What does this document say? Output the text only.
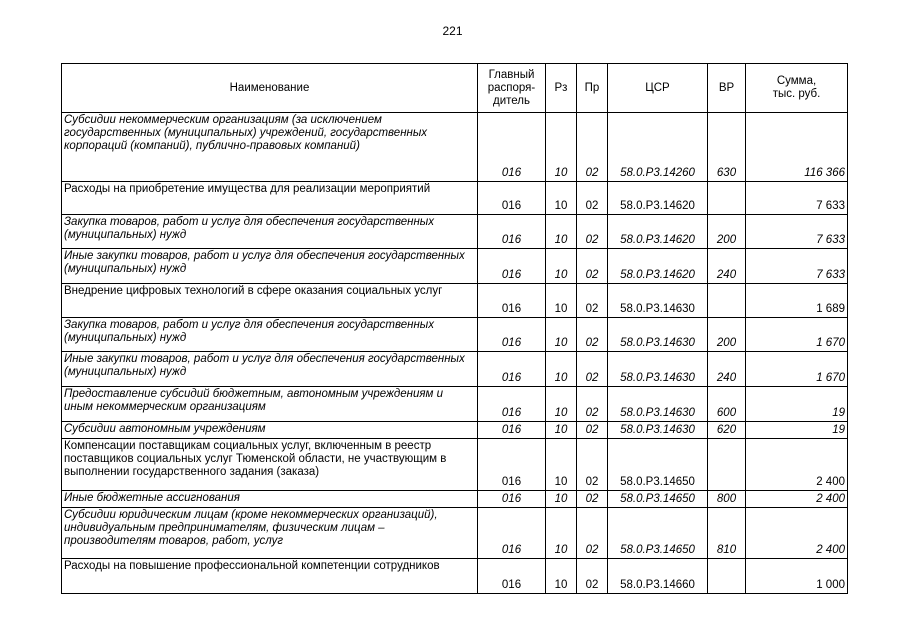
221
Наименование	Главный
распоря-
дитель	Рз	Пр	ЦСР	ВР	Сумма,
тыс. руб.
Субсидии некоммерческим организациям (за исключением государственных (муниципальных) учреждений, государственных корпораций (компаний), публично-правовых компаний)	016	10	02	58.0.Р3.14260	630	116 366
Расходы на приобретение имущества для реализации мероприятий	016	10	02	58.0.Р3.14620		7 633
Закупка товаров, работ и услуг для обеспечения государственных (муниципальных) нужд	016	10	02	58.0.Р3.14620	200	7 633
Иные закупки товаров, работ и услуг для обеспечения государственных (муниципальных) нужд	016	10	02	58.0.Р3.14620	240	7 633
Внедрение цифровых технологий в сфере оказания социальных услуг	016	10	02	58.0.Р3.14630		1 689
Закупка товаров, работ и услуг для обеспечения государственных (муниципальных) нужд	016	10	02	58.0.Р3.14630	200	1 670
Иные закупки товаров, работ и услуг для обеспечения государственных (муниципальных) нужд	016	10	02	58.0.Р3.14630	240	1 670
Предоставление субсидий бюджетным, автономным учреждениям и иным некоммерческим организациям	016	10	02	58.0.Р3.14630	600	19
Субсидии автономным учреждениям	016	10	02	58.0.Р3.14630	620	19
Компенсации поставщикам социальных услуг, включенным в реестр поставщиков социальных услуг Тюменской области, не участвующим в выполнении государственного задания (заказа)	016	10	02	58.0.Р3.14650		2 400
Иные бюджетные ассигнования	016	10	02	58.0.Р3.14650	800	2 400
Субсидии юридическим лицам (кроме некоммерческих организаций), индивидуальным предпринимателям, физическим лицам – производителям товаров, работ, услуг	016	10	02	58.0.Р3.14650	810	2 400
Расходы на повышение профессиональной компетенции сотрудников	016	10	02	58.0.Р3.14660		1 000
